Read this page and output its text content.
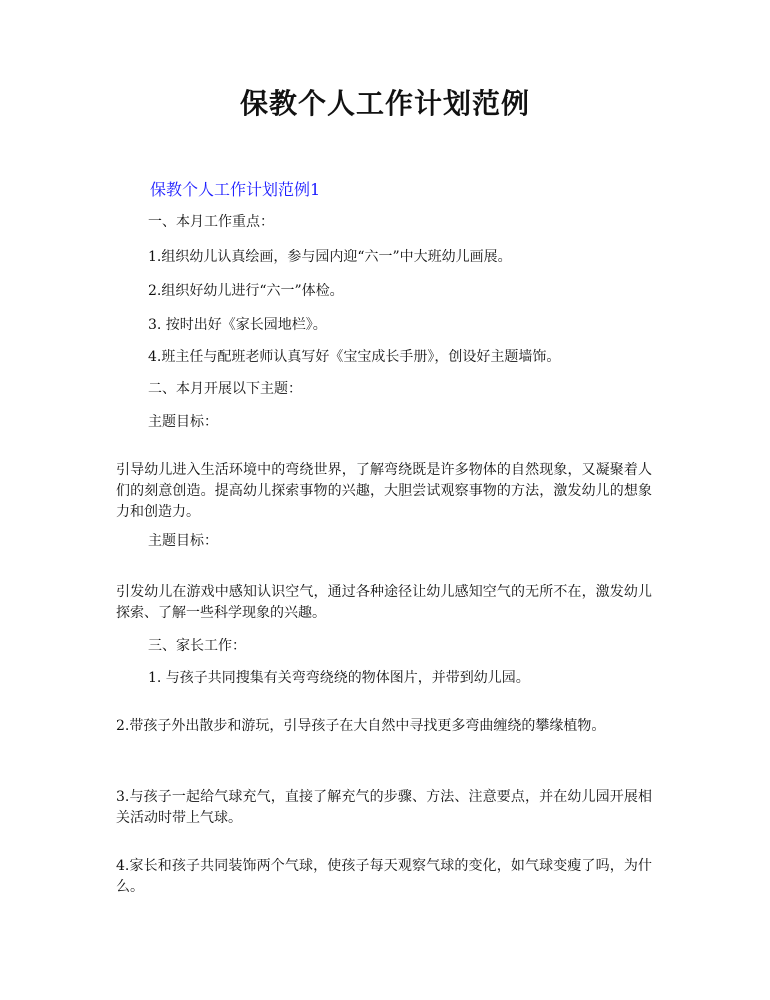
保教个人工作计划范例
保教个人工作计划范例1
一、本月工作重点：
1.组织幼儿认真绘画，参与园内迎“六一”中大班幼儿画展。
2.组织好幼儿进行“六一”体检。
3. 按时出好《家长园地栏》。
4.班主任与配班老师认真写好《宝宝成长手册》，创设好主题墙饰。
二、本月开展以下主题：
主题目标：
引导幼儿进入生活环境中的弯绕世界，了解弯绕既是许多物体的自然现象，又凝聚着人们的刻意创造。提高幼儿探索事物的兴趣，大胆尝试观察事物的方法，激发幼儿的想象力和创造力。
主题目标：
引发幼儿在游戏中感知认识空气，通过各种途径让幼儿感知空气的无所不在，激发幼儿探索、了解一些科学现象的兴趣。
三、家长工作：
1. 与孩子共同搜集有关弯弯绕绕的物体图片，并带到幼儿园。
2.带孩子外出散步和游玩，引导孩子在大自然中寻找更多弯曲缠绕的攀缘植物。
3.与孩子一起给气球充气，直接了解充气的步骤、方法、注意要点，并在幼儿园开展相关活动时带上气球。
4.家长和孩子共同装饰两个气球，使孩子每天观察气球的变化，如气球变瘦了吗，为什么。
